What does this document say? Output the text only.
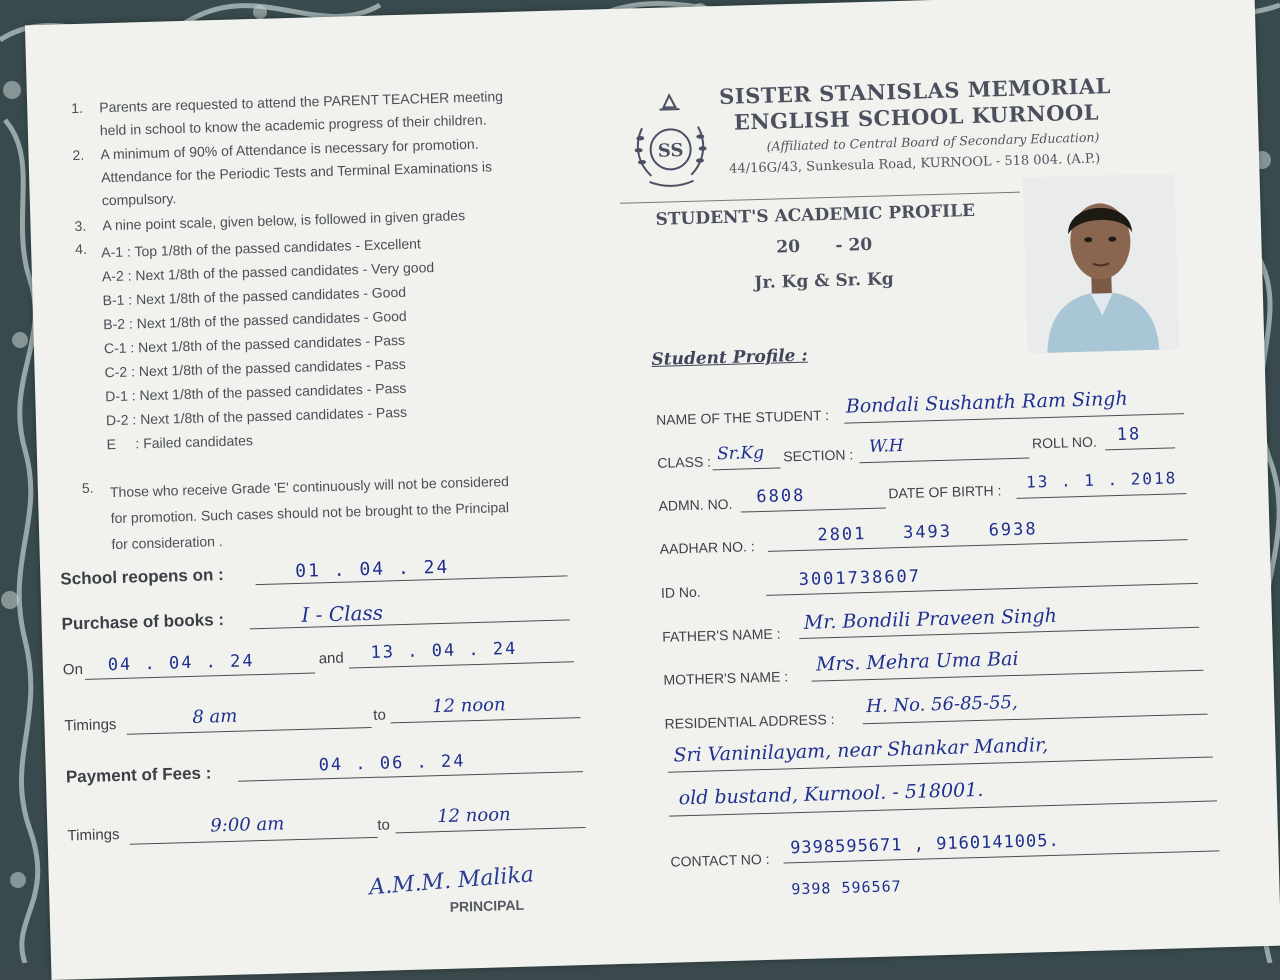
1. Parents are requested to attend the PARENT TEACHER meeting
held in school to know the academic progress of their children.
2. A minimum of 90% of Attendance is necessary for promotion.
Attendance for the Periodic Tests and Terminal Examinations is
compulsory.
3. A nine point scale, given below, is followed in given grades
4. A-1 : Top 1/8th of the passed candidates - Excellent
A-2 : Next 1/8th of the passed candidates - Very good
B-1 : Next 1/8th of the passed candidates - Good
B-2 : Next 1/8th of the passed candidates - Good
C-1 : Next 1/8th of the passed candidates - Pass
C-2 : Next 1/8th of the passed candidates - Pass
D-1 : Next 1/8th of the passed candidates - Pass
D-2 : Next 1/8th of the passed candidates - Pass
E     : Failed candidates
5. Those who receive Grade 'E' continuously will not be considered
for promotion. Such cases should not be brought to the Principal
for consideration .
School reopens on :	01 . 04 . 24
Purchase of books :	I - Class
On 04 . 04 . 24	and 13 . 04 . 24
Timings	8 am	to	12 noon
Payment of Fees :	04 . 06 . 24
Timings	9:00 am	to	12 noon
A.M.M. Malika
PRINCIPAL
SS
SISTER STANISLAS MEMORIAL
ENGLISH SCHOOL KURNOOL
(Affiliated to Central Board of Secondary Education)
44/16G/43, Sunkesula Road, KURNOOL - 518 004. (A.P.)
STUDENT'S ACADEMIC PROFILE
20      - 20
Jr. Kg & Sr. Kg
Student Profile :
NAME OF THE STUDENT : Bondali Sushanth Ram Singh
CLASS : Sr.Kg SECTION : W.H	ROLL NO. 18
ADMN. NO. 6808	DATE OF BIRTH :
13 . 1 . 2018
AADHAR NO. :
2801   3493   6938
ID No.
3001738607
FATHER'S NAME :
Mr. Bondili Praveen Singh
MOTHER'S NAME :
Mrs. Mehra Uma Bai
RESIDENTIAL ADDRESS :
H. No. 56-85-55,
Sri Vaninilayam, near Shankar Mandir,
old bustand, Kurnool. - 518001.
CONTACT NO :
9398595671 , 9160141005.
9398 596567
